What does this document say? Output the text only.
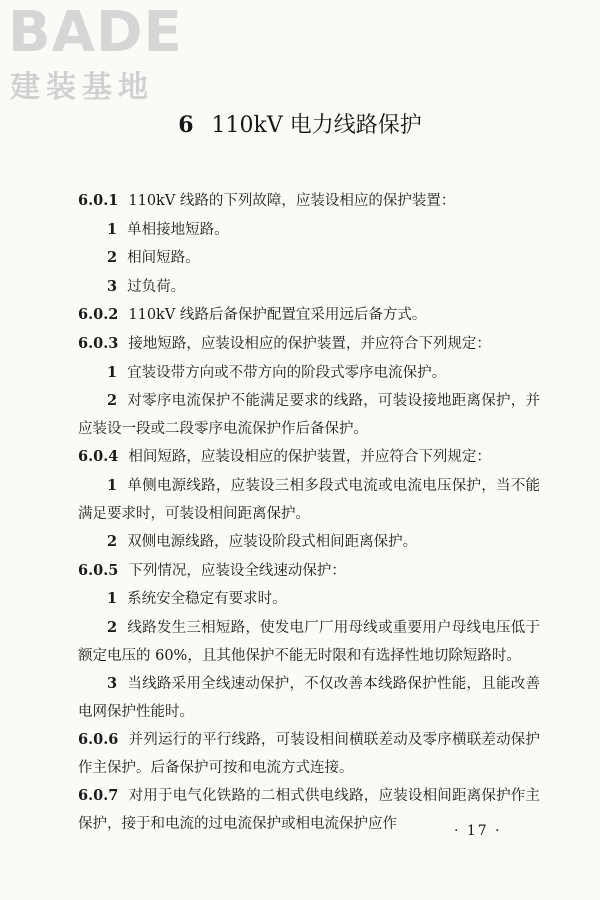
BADE
建装基地
6 110kV 电力线路保护

6.0.1 110kV 线路的下列故障，应装设相应的保护装置：

1 单相接地短路。

2 相间短路。

3 过负荷。

6.0.2 110kV 线路后备保护配置宜采用远后备方式。

6.0.3 接地短路，应装设相应的保护装置，并应符合下列规定：

1 宜装设带方向或不带方向的阶段式零序电流保护。

2 对零序电流保护不能满足要求的线路，可装设接地距离保护，并应装设一段或二段零序电流保护作后备保护。

6.0.4 相间短路，应装设相应的保护装置，并应符合下列规定：

1 单侧电源线路，应装设三相多段式电流或电流电压保护，当不能满足要求时，可装设相间距离保护。

2 双侧电源线路，应装设阶段式相间距离保护。

6.0.5 下列情况，应装设全线速动保护：

1 系统安全稳定有要求时。

2 线路发生三相短路，使发电厂厂用母线或重要用户母线电压低于额定电压的 60%，且其他保护不能无时限和有选择性地切除短路时。

3 当线路采用全线速动保护，不仅改善本线路保护性能，且能改善电网保护性能时。

6.0.6 并列运行的平行线路，可装设相间横联差动及零序横联差动保护作主保护。后备保护可按和电流方式连接。

6.0.7 对用于电气化铁路的二相式供电线路，应装设相间距离保护作主保护，接于和电流的过电流保护或相电流保护应作	· 17 ·
